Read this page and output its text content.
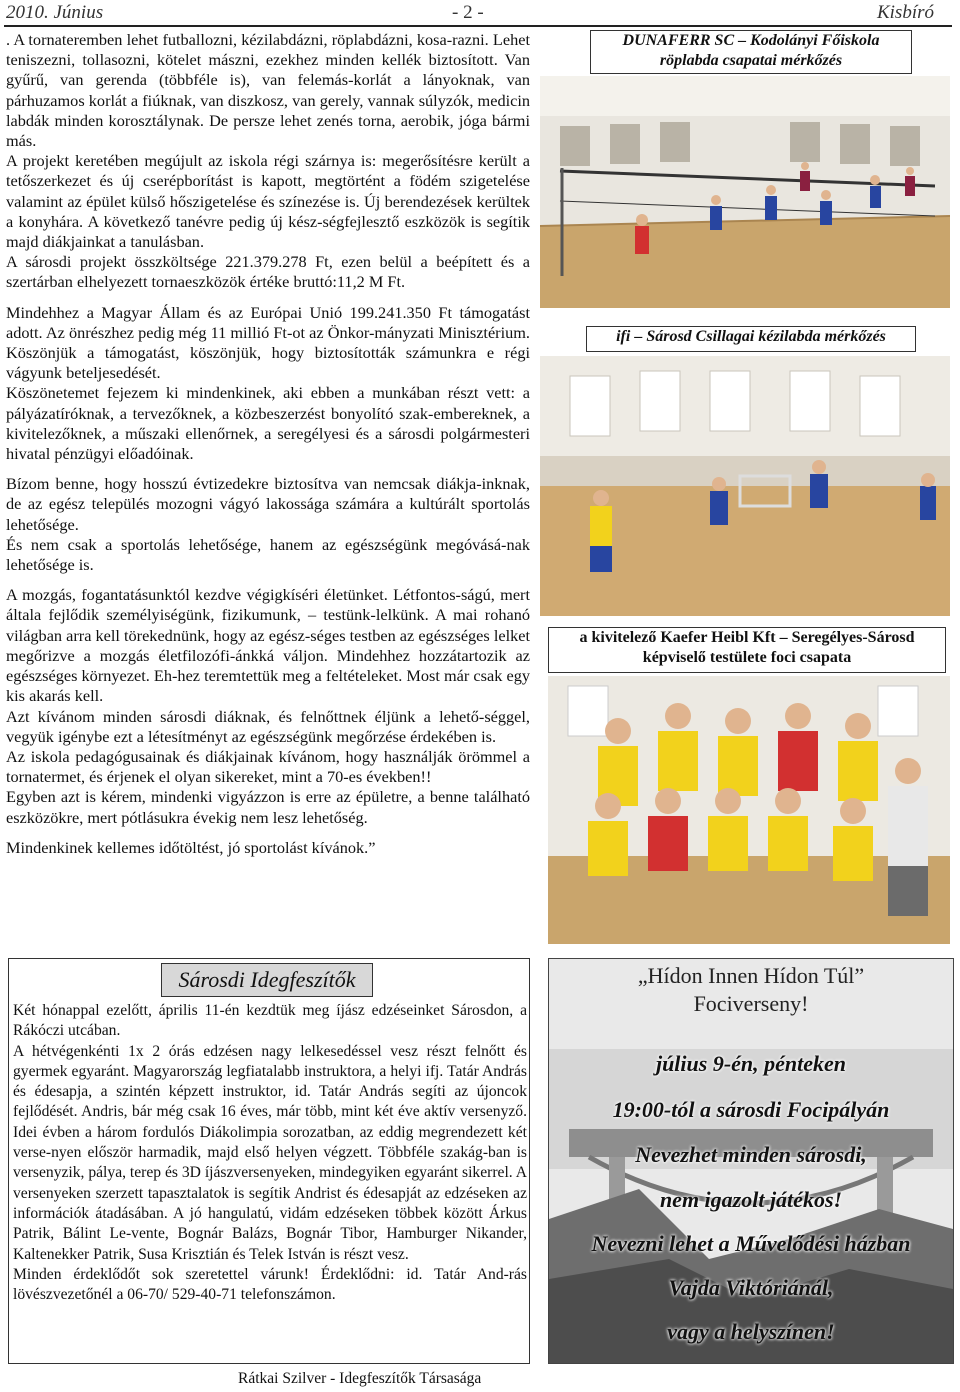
2010. Június	- 2 -	Kisbíró

. A tornateremben lehet futballozni, kézilabdázni, röplabdázni, kosa-razni. Lehet teniszezni, tollasozni, kötelet mászni, ezekhez minden kellék biztosított. Van gyűrű, van gerenda (többféle is), van felemás-korlát a lányoknak, van párhuzamos korlát a fiúknak, van diszkosz, van gerely, vannak súlyzók, medicin labdák minden korosztálynak. De persze lehet zenés torna, aerobik, jóga bármi más.

A projekt keretében megújult az iskola régi szárnya is: megerősítésre került a tetőszerkezet és új cserépborítást is kapott, megtörtént a födém szigetelése valamint az épület külső hőszigetelése és színezése is. Új berendezések kerültek a konyhára. A következő tanévre pedig új kész-ségfejlesztő eszközök is segítik majd diákjainkat a tanulásban.

A sárosdi projekt összköltsége 221.379.278 Ft, ezen belül a beépített és a szertárban elhelyezett tornaeszközök értéke bruttó:11,2 M Ft.

Mindehhez a Magyar Állam és az Európai Unió 199.241.350 Ft támogatást adott. Az önrészhez pedig még 11 millió Ft-ot az Önkor-mányzati Minisztérium. Köszönjük a támogatást, köszönjük, hogy biztosították számunkra e régi vágyunk beteljesedését.

Köszönetemet fejezem ki mindenkinek, aki ebben a munkában részt vett: a pályázatíróknak, a tervezőknek, a közbeszerzést bonyolító szak-embereknek, a kivitelezőknek, a műszaki ellenőrnek, a seregélyesi és a sárosdi polgármesteri hivatal pénzügyi előadóinak.

Bízom benne, hogy hosszú évtizedekre biztosítva van nemcsak diákja-inknak, de az egész település mozogni vágyó lakossága számára a kultúrált sportolás lehetősége.

És nem csak a sportolás lehetősége, hanem az egészségünk megóvásá-nak lehetősége is.

A mozgás, fogantatásunktól kezdve végigkíséri életünket. Létfontos-ságú, mert általa fejlődik személyiségünk, fizikumunk, – testünk-lelkünk. A mai rohanó világban arra kell törekednünk, hogy az egész-séges testben az egészséges lelket megőrizve a mozgás életfilozófi-ánkká váljon. Mindehhez hozzátartozik az egészséges környezet. Eh-hez teremtettük meg a feltételeket. Most már csak egy kis akarás kell.

Azt kívánom minden sárosdi diáknak, és felnőttnek éljünk a lehető-séggel, vegyük igénybe ezt a létesítményt az egészségünk megőrzése érdekében is.

Az iskola pedagógusainak és diákjainak kívánom, hogy használják örömmel a tornatermet, és érjenek el olyan sikereket, mint a 70-es években!!

Egyben azt is kérem, mindenki vigyázzon is erre az épületre, a benne található eszközökre, mert pótlásukra évekig nem lesz lehetőség.

Mindenkinek kellemes időtöltést, jó sportolást kívánok.”

DUNAFERR SC – Kodolányi Főiskola
röplabda csapatai mérkőzés
ifi – Sárosd Csillagai kézilabda mérkőzés
a kivitelező Kaefer Heibl Kft – Seregélyes-Sárosd
képviselő testülete foci csapata
Sárosdi Idegfeszítők

Két hónappal ezelőtt, április 11-én kezdtük meg íjász edzéseinket Sárosdon, a Rákóczi utcában.

A hétvégenkénti 1x 2 órás edzésen nagy lelkesedéssel vesz részt felnőtt és gyermek egyaránt. Magyarország legfiatalabb instruktora, a helyi ifj. Tatár András és édesapja, a szintén képzett instruktor, id. Tatár András segíti az újoncok fejlődését. Andris, bár még csak 16 éves, már több, mint két éve aktív versenyző. Idei évben a három fordulós Diákolimpia sorozatban, az eddig megrendezett két verse-nyen először harmadik, majd első helyen végzett. Többféle szakág-ban is versenyzik, pálya, terep és 3D íjászversenyeken, mindegyiken egyaránt sikerrel. A versenyeken szerzett tapasztalatok is segítik Andrist és édesapját az edzéseken az információk átadásában. A jó hangulatú, vidám edzéseken többek között Árkus Patrik, Bálint Le-vente, Bognár Balázs, Bognár Tibor, Hamburger Nikander, Kaltenekker Patrik, Susa Krisztián és Telek István is részt vesz.

Minden érdeklődőt sok szeretettel várunk! Érdeklődni: id. Tatár And-rás lövészvezetőnél a 06-70/ 529-40-71 telefonszámon.

Rátkai Szilver - Idegfeszítők Társasága
„Hídon Innen Hídon Túl”
Fociverseny!
július 9-én, pénteken
19:00-tól a sárosdi Focipályán
Nevezhet minden sárosdi,
nem igazolt játékos!
Nevezni lehet a Művelődési házban
Vajda Viktóriánál,
vagy a helyszínen!
